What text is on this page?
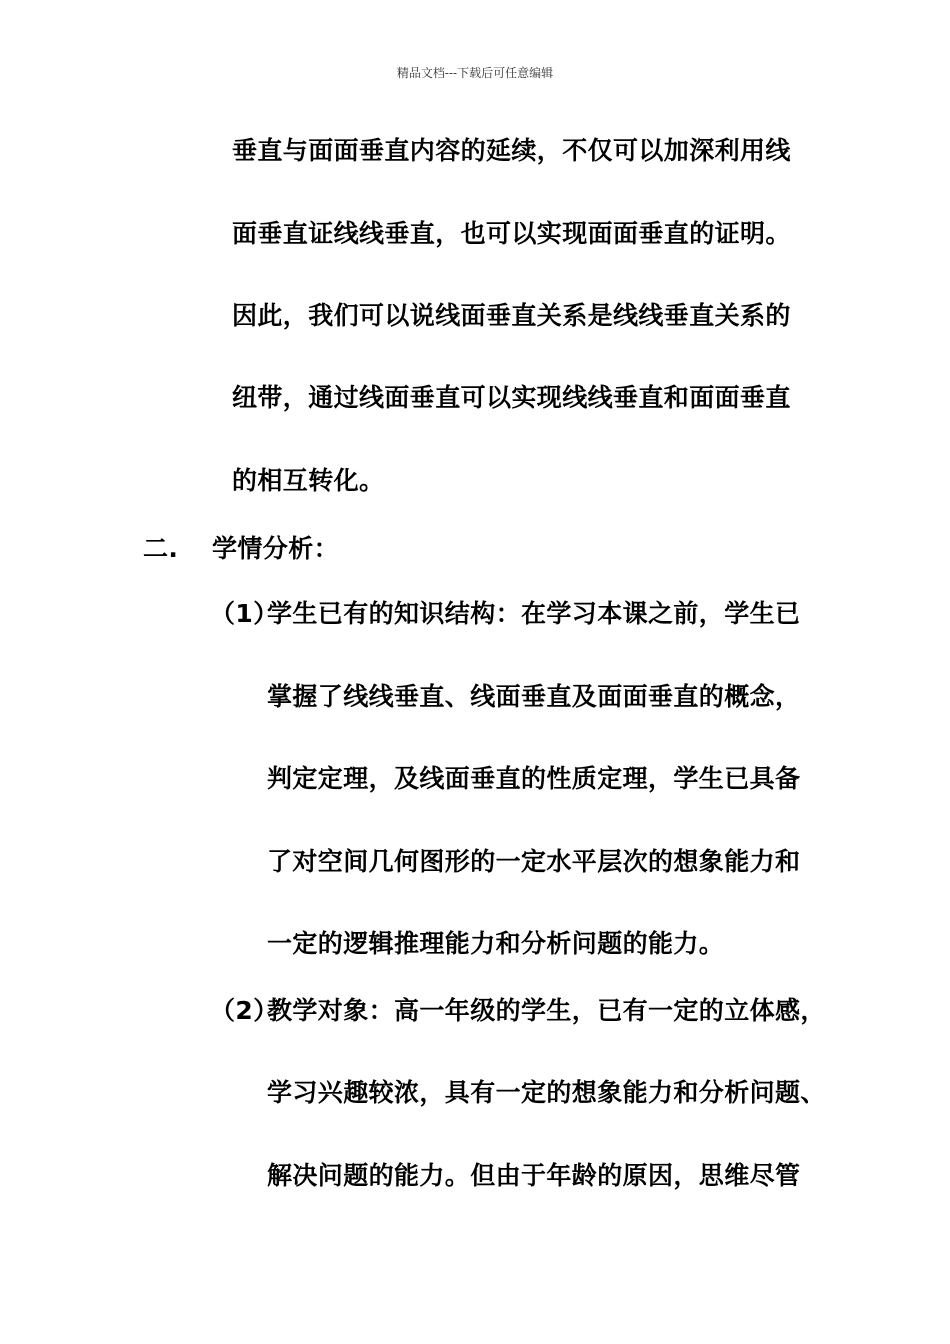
精品文档---下载后可任意编辑
垂直与面面垂直内容的延续，不仅可以加深利用线
面垂直证线线垂直，也可以实现面面垂直的证明。
因此，我们可以说线面垂直关系是线线垂直关系的
纽带，通过线面垂直可以实现线线垂直和面面垂直
的相互转化。
二. 学情分析：
（1）
学生已有的知识结构：在学习本课之前，学生已
掌握了线线垂直、线面垂直及面面垂直的概念，
判定定理，及线面垂直的性质定理，学生已具备
了对空间几何图形的一定水平层次的想象能力和
一定的逻辑推理能力和分析问题的能力。
（2）
教学对象：高一年级的学生，已有一定的立体感，
学习兴趣较浓，具有一定的想象能力和分析问题、
解决问题的能力。但由于年龄的原因，思维尽管
